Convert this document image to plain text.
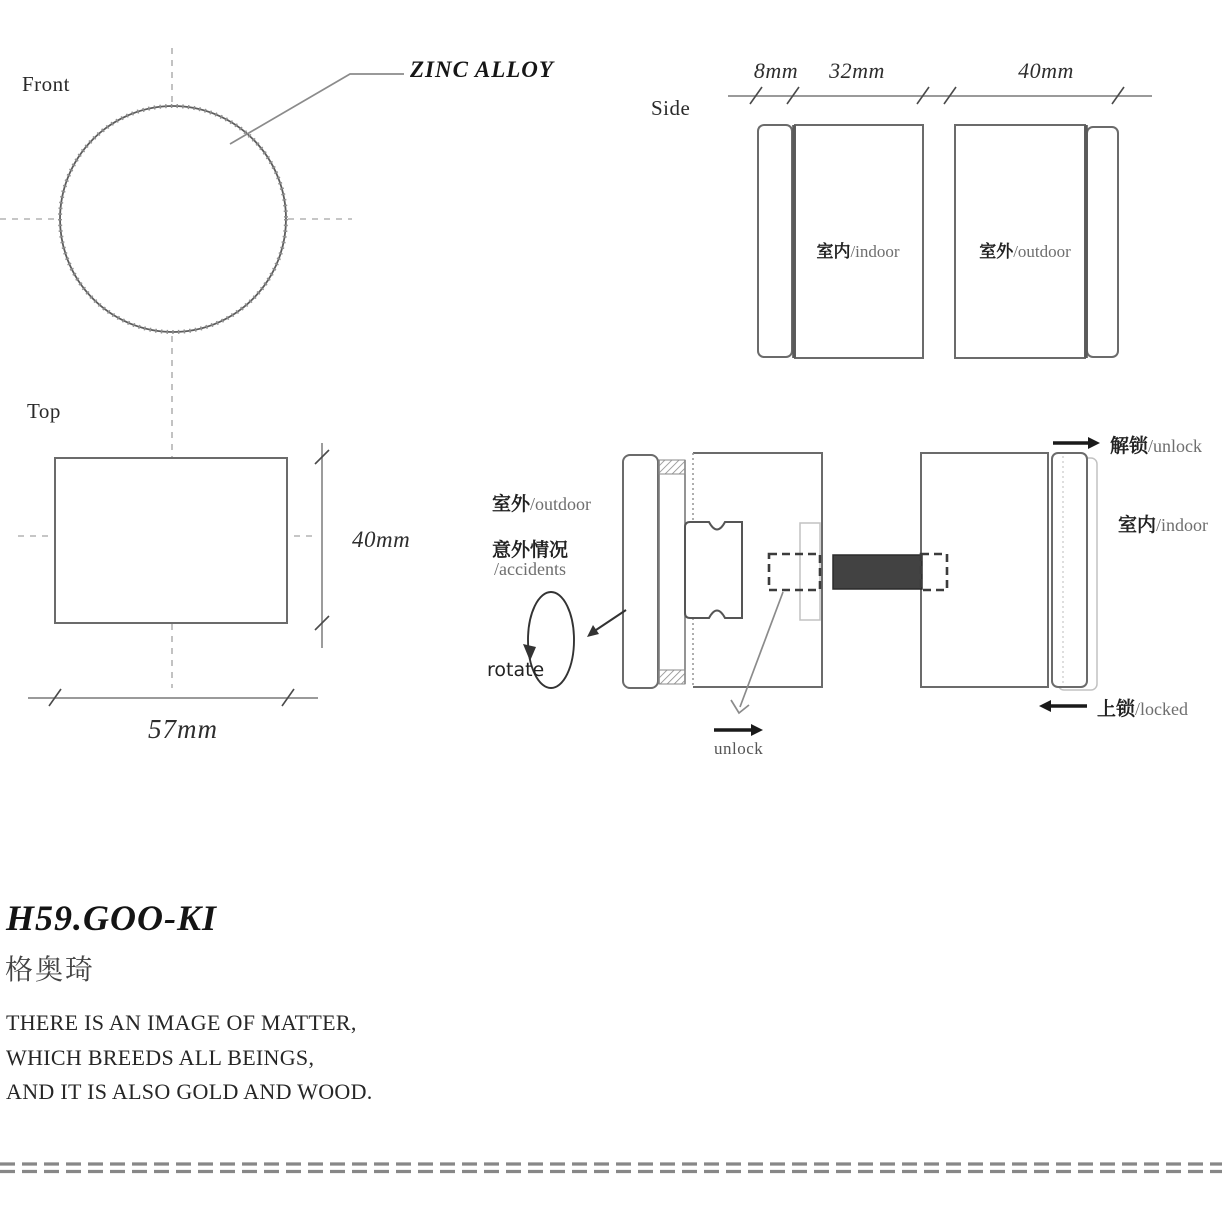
Front
ZINC ALLOY
Top
40mm
57mm
Side
8mm 32mm	40mm
室内/indoor	室外/outdoor
室外/outdoor
意外情况
/accidents
rotate
unlock
解锁/unlock
室内/indoor
上锁/locked
H59.GOO-KI
格奥琦
THERE IS AN IMAGE OF MATTER,
WHICH BREEDS ALL BEINGS,
AND IT IS ALSO GOLD AND WOOD.
